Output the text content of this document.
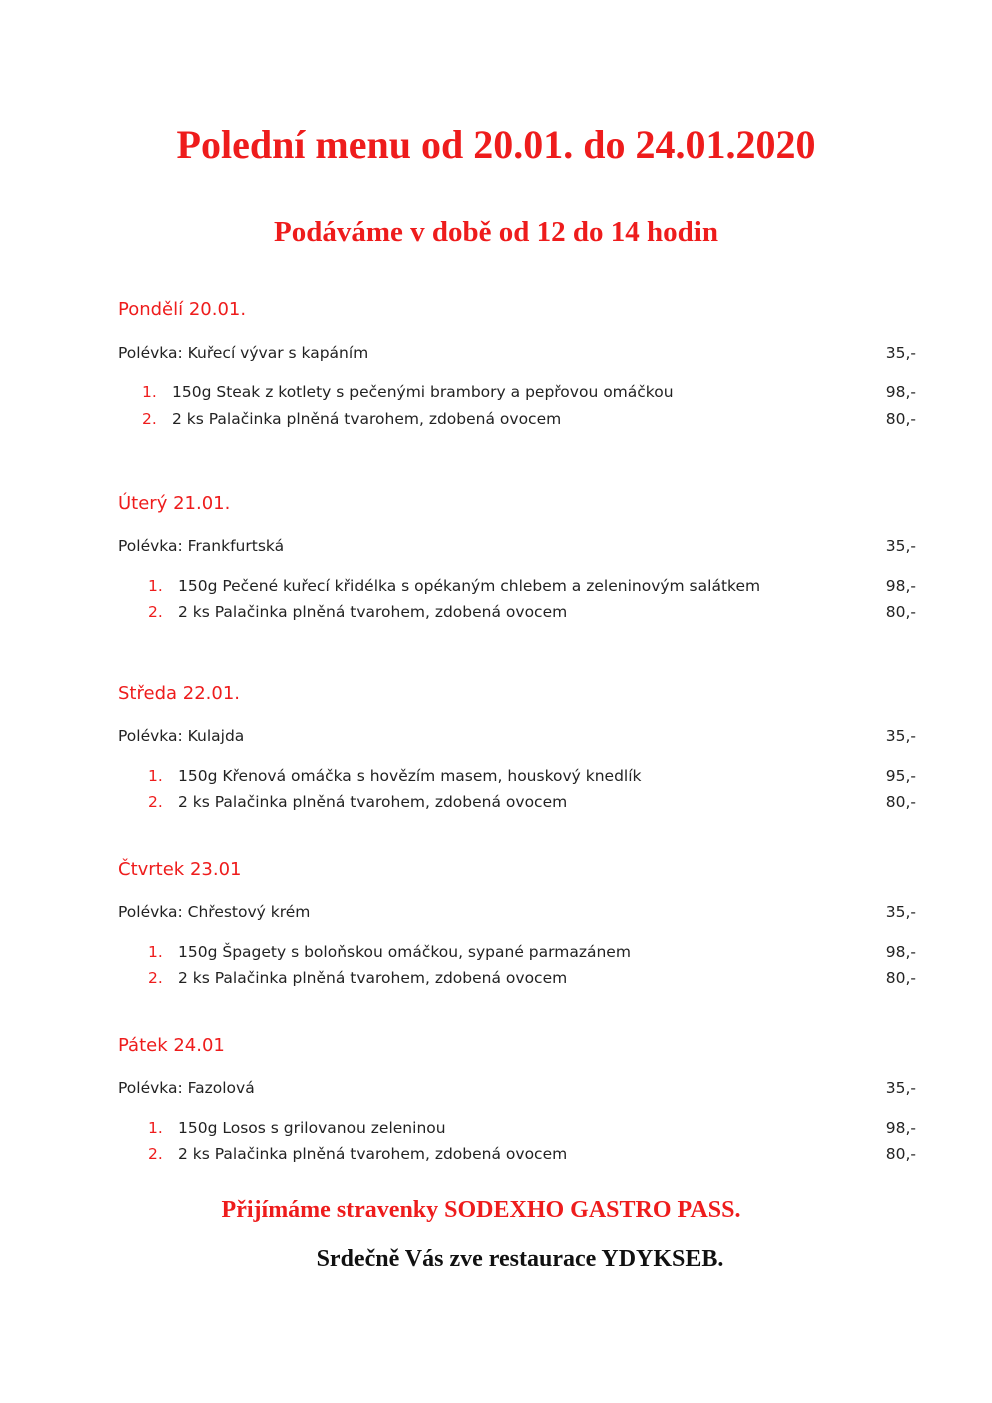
Polední menu od 20.01. do 24.01.2020
Podáváme v době od 12 do 14 hodin
Pondělí 20.01.
Polévka: Kuřecí vývar s kapáním	35,-
1. 150g Steak z kotlety s pečenými brambory a pepřovou omáčkou	98,-
2. 2 ks Palačinka plněná tvarohem, zdobená ovocem	80,-
Úterý 21.01.
Polévka: Frankfurtská	35,-
1. 150g Pečené kuřecí křidélka s opékaným chlebem a zeleninovým salátkem	98,-
2. 2 ks Palačinka plněná tvarohem, zdobená ovocem	80,-
Středa 22.01.
Polévka: Kulajda	35,-
1. 150g Křenová omáčka s hovězím masem, houskový knedlík	95,-
2. 2 ks Palačinka plněná tvarohem, zdobená ovocem	80,-
Čtvrtek 23.01
Polévka: Chřestový krém	35,-
1. 150g Špagety s boloňskou omáčkou, sypané parmazánem	98,-
2. 2 ks Palačinka plněná tvarohem, zdobená ovocem	80,-
Pátek 24.01
Polévka: Fazolová	35,-
1. 150g Losos s grilovanou zeleninou	98,-
2. 2 ks Palačinka plněná tvarohem, zdobená ovocem	80,-
Přijímáme stravenky SODEXHO GASTRO PASS.
Srdečně Vás zve restaurace YDYKSEB.
